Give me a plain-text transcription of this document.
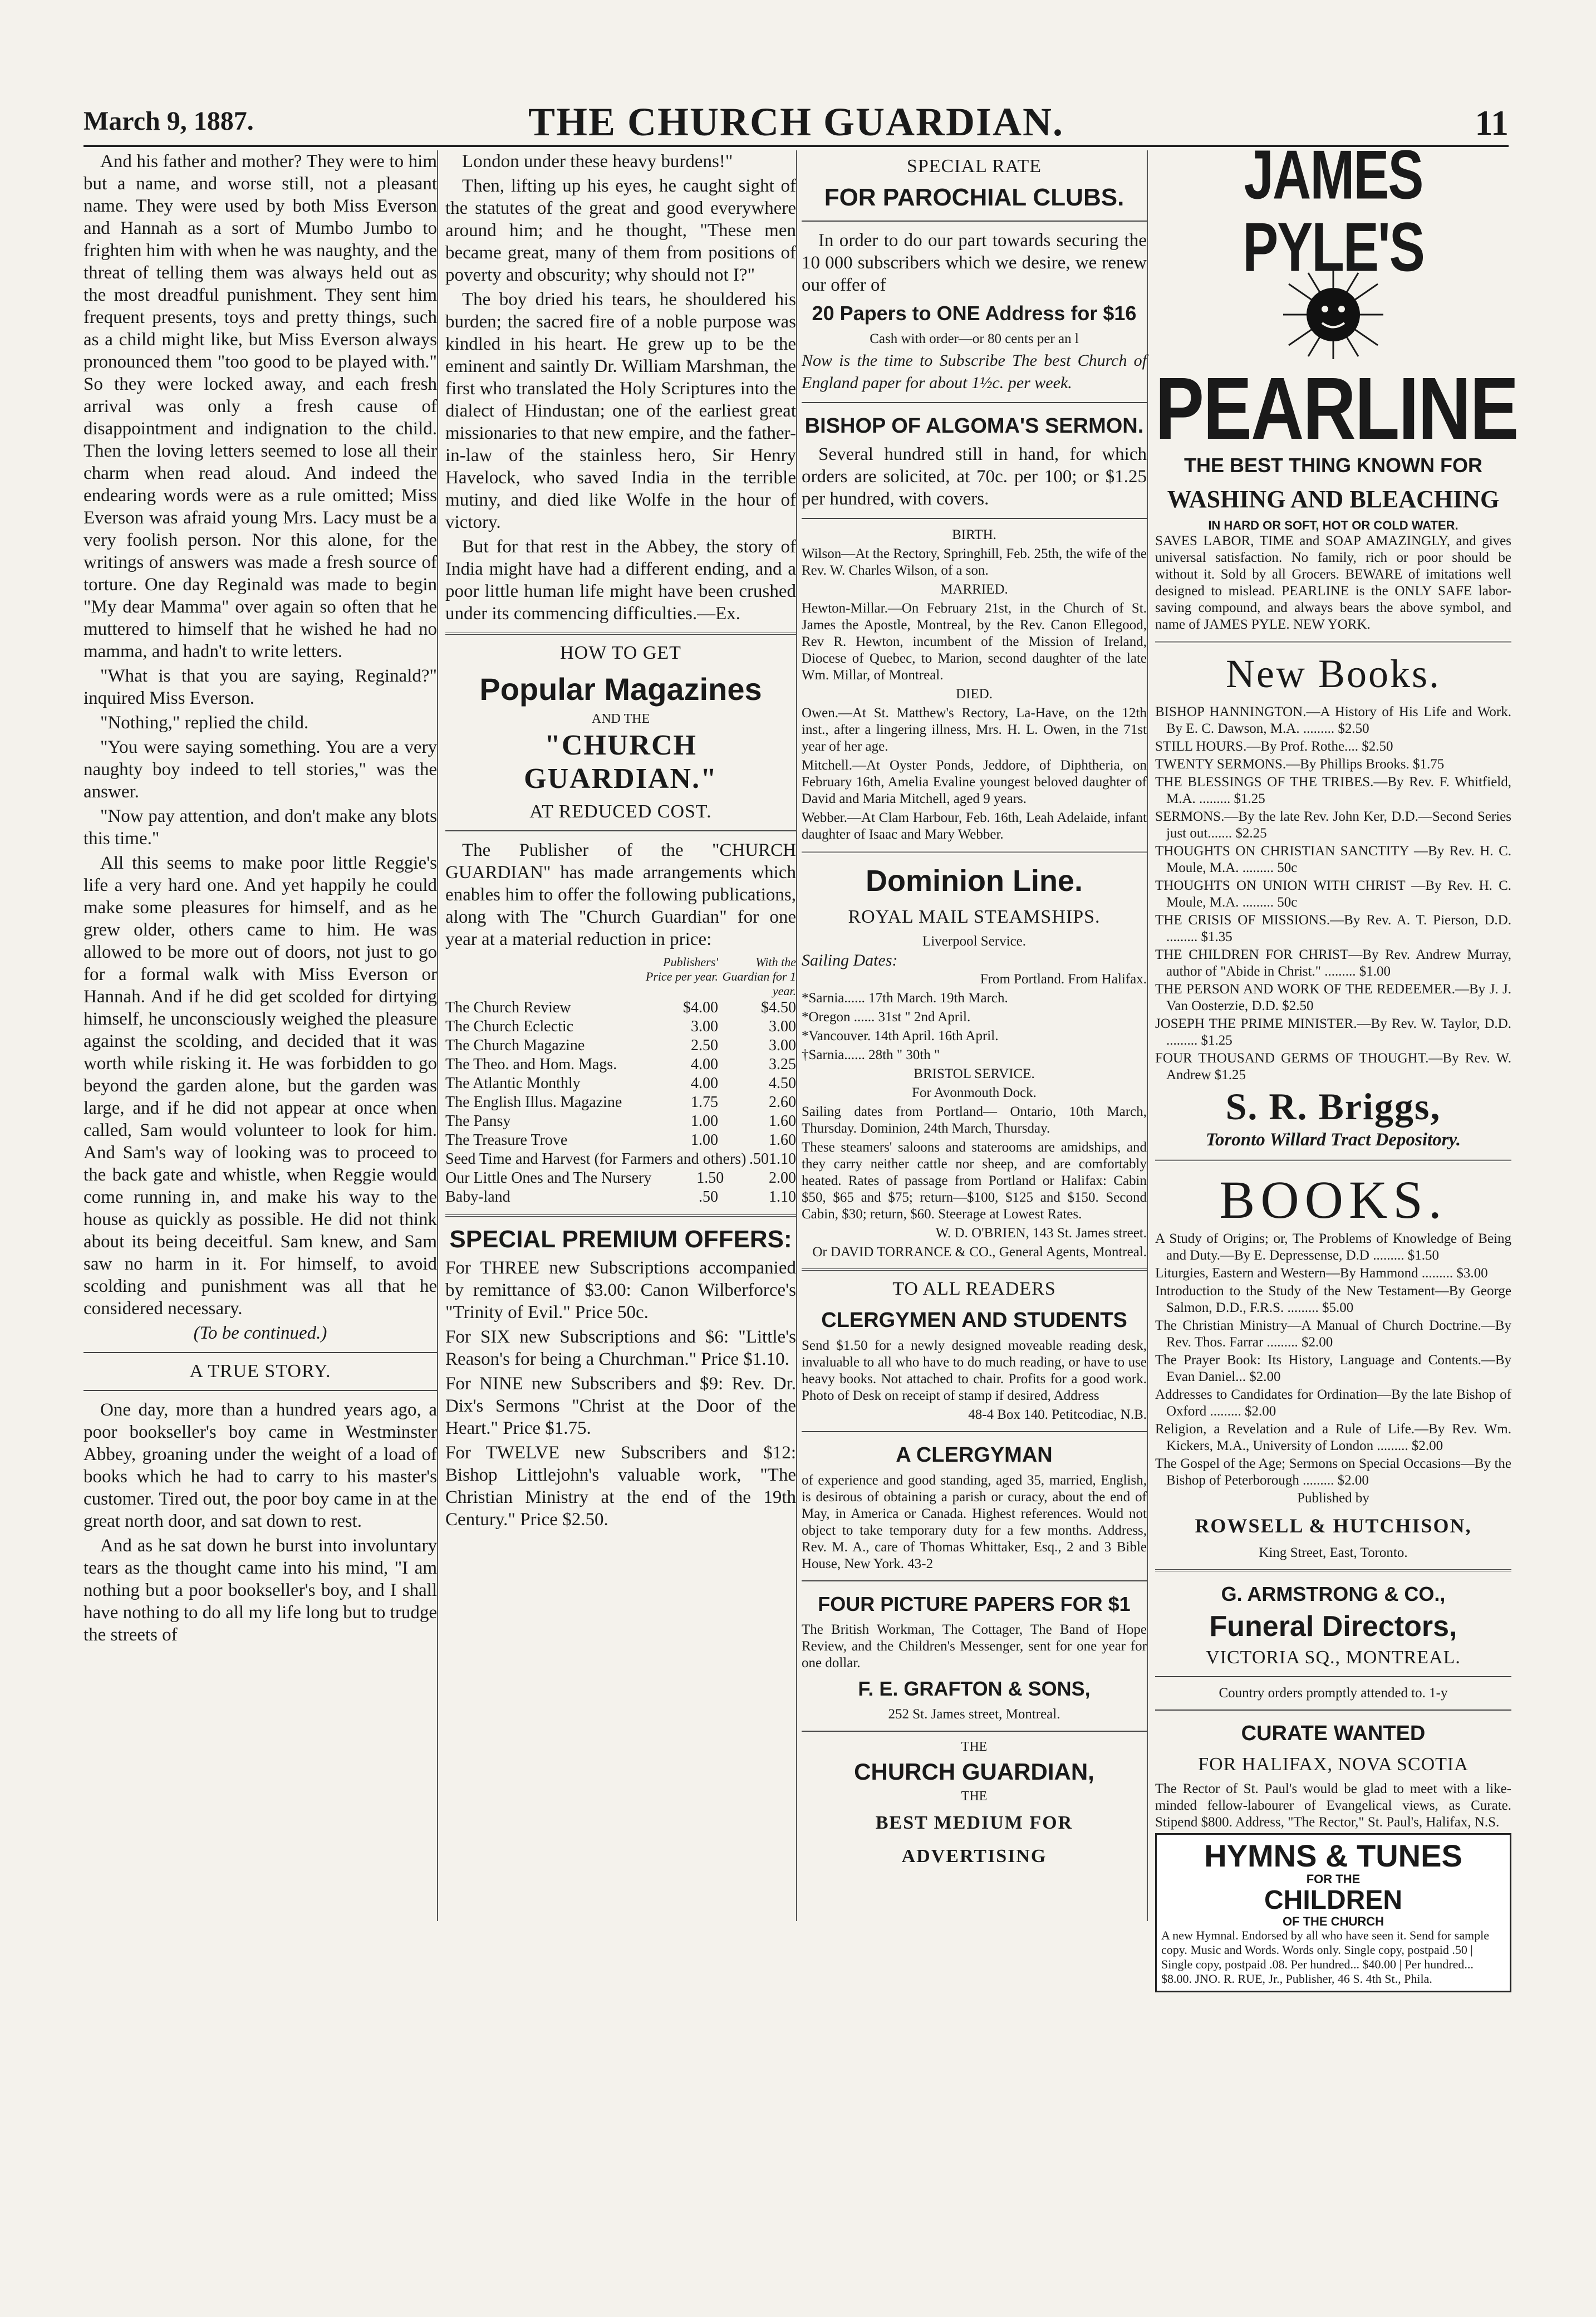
March 9, 1887.	THE CHURCH GUARDIAN.	11

And his father and mother? They were to him but a name, and worse still, not a pleasant name. They were used by both Miss Everson and Hannah as a sort of Mumbo Jumbo to frighten him with when he was naughty, and the threat of telling them was always held out as the most dreadful punishment. They sent him frequent presents, toys and pretty things, such as a child might like, but Miss Everson always pronounced them "too good to be played with." So they were locked away, and each fresh arrival was only a fresh cause of disappointment and indignation to the child. Then the loving letters seemed to lose all their charm when read aloud. And indeed the endearing words were as a rule omitted; Miss Everson was afraid young Mrs. Lacy must be a very foolish person. Nor this alone, for the writings of answers was made a fresh source of torture. One day Reginald was made to begin "My dear Mamma" over again so often that he muttered to himself that he wished he had no mamma, and hadn't to write letters.

"What is that you are saying, Reginald?" inquired Miss Everson.

"Nothing," replied the child.

"You were saying something. You are a very naughty boy indeed to tell stories," was the answer.

"Now pay attention, and don't make any blots this time."

All this seems to make poor little Reggie's life a very hard one. And yet happily he could make some pleasures for himself, and as he grew older, others came to him. He was allowed to be more out of doors, not just to go for a formal walk with Miss Everson or Hannah. And if he did get scolded for dirtying himself, he unconsciously weighed the pleasure against the scolding, and decided that it was worth while risking it. He was forbidden to go beyond the garden alone, but the garden was large, and if he did not appear at once when called, Sam would volunteer to look for him. And Sam's way of looking was to proceed to the back gate and whistle, when Reggie would come running in, and make his way to the house as quickly as possible. He did not think about its being deceitful. Sam knew, and Sam saw no harm in it. For himself, to avoid scolding and punishment was all that he considered necessary.

(To be continued.)

A TRUE STORY.

One day, more than a hundred years ago, a poor bookseller's boy came in Westminster Abbey, groaning under the weight of a load of books which he had to carry to his master's customer. Tired out, the poor boy came in at the great north door, and sat down to rest.

And as he sat down he burst into involuntary tears as the thought came into his mind, "I am nothing but a poor bookseller's boy, and I shall have nothing to do all my life long but to trudge the streets of

London under these heavy burdens!"

Then, lifting up his eyes, he caught sight of the statutes of the great and good everywhere around him; and he thought, "These men became great, many of them from positions of poverty and obscurity; why should not I?"

The boy dried his tears, he shouldered his burden; the sacred fire of a noble purpose was kindled in his heart. He grew up to be the eminent and saintly Dr. William Marshman, the first who translated the Holy Scriptures into the dialect of Hindustan; one of the earliest great missionaries to that new empire, and the father-in-law of the stainless hero, Sir Henry Havelock, who saved India in the terrible mutiny, and died like Wolfe in the hour of victory.

But for that rest in the Abbey, the story of India might have had a different ending, and a poor little human life might have been crushed under its commencing difficulties.—Ex.

HOW TO GET
Popular Magazines
AND THE
"CHURCH GUARDIAN."
AT REDUCED COST.

The Publisher of the "CHURCH GUARDIAN" has made arrangements which enables him to offer the following publications, along with The "Church Guardian" for one year at a material reduction in price:

Publishers' Price per year.
With the Guardian for 1 year.
The Church Review	$4.00	$4.50
The Church Eclectic	3.00	3.00
The Church Magazine	2.50	3.00
The Theo. and Hom. Mags.	4.00	3.25
The Atlantic Monthly	4.00	4.50
The English Illus. Magazine	1.75	2.60
The Pansy	1.00	1.60
The Treasure Trove	1.00	1.60
Seed Time and Harvest (for Farmers and others) .50 1.10
Our Little Ones and The Nursery	1.50	2.00
Baby-land	.50	1.10
SPECIAL PREMIUM OFFERS:

For THREE new Subscriptions accompanied by remittance of $3.00: Canon Wilberforce's "Trinity of Evil." Price 50c.

For SIX new Subscriptions and $6: "Little's Reason's for being a Churchman." Price $1.10.

For NINE new Subscribers and $9: Rev. Dr. Dix's Sermons "Christ at the Door of the Heart." Price $1.75.

For TWELVE new Subscribers and $12: Bishop Littlejohn's valuable work, "The Christian Ministry at the end of the 19th Century." Price $2.50.

SPECIAL RATE
FOR PAROCHIAL CLUBS.

In order to do our part towards securing the 10 000 subscribers which we desire, we renew our offer of

20 Papers to ONE Address for $16

Cash with order—or 80 cents per an l

Now is the time to Subscribe The best Church of England paper for about 1½c. per week.

BISHOP OF ALGOMA'S SERMON.

Several hundred still in hand, for which orders are solicited, at 70c. per 100; or $1.25 per hundred, with covers.

BIRTH.

Wilson—At the Rectory, Springhill, Feb. 25th, the wife of the Rev. W. Charles Wilson, of a son.

MARRIED.

Hewton-Millar.—On February 21st, in the Church of St. James the Apostle, Montreal, by the Rev. Canon Ellegood, Rev R. Hewton, incumbent of the Mission of Ireland, Diocese of Quebec, to Marion, second daughter of the late Wm. Millar, of Montreal.

DIED.

Owen.—At St. Matthew's Rectory, La-Have, on the 12th inst., after a lingering illness, Mrs. H. L. Owen, in the 71st year of her age.

Mitchell.—At Oyster Ponds, Jeddore, of Diphtheria, on February 16th, Amelia Evaline youngest beloved daughter of David and Maria Mitchell, aged 9 years.

Webber.—At Clam Harbour, Feb. 16th, Leah Adelaide, infant daughter of Isaac and Mary Webber.

Dominion Line.
ROYAL MAIL STEAMSHIPS.

Liverpool Service.

Sailing Dates:

From Portland. From Halifax.

*Sarnia...... 17th March. 19th March.

*Oregon ...... 31st " 2nd April.

*Vancouver. 14th April. 16th April.

†Sarnia...... 28th " 30th "

BRISTOL SERVICE.

For Avonmouth Dock.

Sailing dates from Portland— Ontario, 10th March, Thursday. Dominion, 24th March, Thursday.

These steamers' saloons and staterooms are amidships, and they carry neither cattle nor sheep, and are comfortably heated. Rates of passage from Portland or Halifax: Cabin $50, $65 and $75; return—$100, $125 and $150. Second Cabin, $30; return, $60. Steerage at Lowest Rates.

W. D. O'BRIEN, 143 St. James street.

Or DAVID TORRANCE & CO., General Agents, Montreal.

TO ALL READERS
CLERGYMEN AND STUDENTS

Send $1.50 for a newly designed moveable reading desk, invaluable to all who have to do much reading, or have to use heavy books. Not attached to chair. Profits for a good work. Photo of Desk on receipt of stamp if desired, Address

48-4 Box 140. Petitcodiac, N.B.

A CLERGYMAN

of experience and good standing, aged 35, married, English, is desirous of obtaining a parish or curacy, about the end of May, in America or Canada. Highest references. Would not object to take temporary duty for a few months. Address, Rev. M. A., care of Thomas Whittaker, Esq., 2 and 3 Bible House, New York. 43-2

FOUR PICTURE PAPERS FOR $1

The British Workman, The Cottager, The Band of Hope Review, and the Children's Messenger, sent for one year for one dollar.

F. E. GRAFTON & SONS,

252 St. James street, Montreal.

THE
CHURCH GUARDIAN,
THE
BEST MEDIUM FOR ADVERTISING
JAMES PYLE'S
PEARLINE
THE BEST THING KNOWN FOR
WASHING AND BLEACHING
IN HARD OR SOFT, HOT OR COLD WATER.

SAVES LABOR, TIME and SOAP AMAZINGLY, and gives universal satisfaction. No family, rich or poor should be without it. Sold by all Grocers. BEWARE of imitations well designed to mislead. PEARLINE is the ONLY SAFE labor-saving compound, and always bears the above symbol, and name of JAMES PYLE. NEW YORK.

New Books.

BISHOP HANNINGTON.—A History of His Life and Work. By E. C. Dawson, M.A. ......... $2.50

STILL HOURS.—By Prof. Rothe.... $2.50

TWENTY SERMONS.—By Phillips Brooks. $1.75

THE BLESSINGS OF THE TRIBES.—By Rev. F. Whitfield, M.A. ......... $1.25

SERMONS.—By the late Rev. John Ker, D.D.—Second Series just out....... $2.25

THOUGHTS ON CHRISTIAN SANCTITY —By Rev. H. C. Moule, M.A. ......... 50c

THOUGHTS ON UNION WITH CHRIST —By Rev. H. C. Moule, M.A. ......... 50c

THE CRISIS OF MISSIONS.—By Rev. A. T. Pierson, D.D. ......... $1.35

THE CHILDREN FOR CHRIST—By Rev. Andrew Murray, author of "Abide in Christ." ......... $1.00

THE PERSON AND WORK OF THE REDEEMER.—By J. J. Van Oosterzie, D.D. $2.50

JOSEPH THE PRIME MINISTER.—By Rev. W. Taylor, D.D. ......... $1.25

FOUR THOUSAND GERMS OF THOUGHT.—By Rev. W. Andrew $1.25

S. R. Briggs,

Toronto Willard Tract Depository.

BOOKS.

A Study of Origins; or, The Problems of Knowledge of Being and Duty.—By E. Depressense, D.D ......... $1.50

Liturgies, Eastern and Western—By Hammond ......... $3.00

Introduction to the Study of the New Testament—By George Salmon, D.D., F.R.S. ......... $5.00

The Christian Ministry—A Manual of Church Doctrine.—By Rev. Thos. Farrar ......... $2.00

The Prayer Book: Its History, Language and Contents.—By Evan Daniel... $2.00

Addresses to Candidates for Ordination—By the late Bishop of Oxford ......... $2.00

Religion, a Revelation and a Rule of Life.—By Rev. Wm. Kickers, M.A., University of London ......... $2.00

The Gospel of the Age; Sermons on Special Occasions—By the Bishop of Peterborough ......... $2.00

Published by

ROWSELL & HUTCHISON,

King Street, East, Toronto.

G. ARMSTRONG & CO.,
Funeral Directors,
VICTORIA SQ., MONTREAL.

Country orders promptly attended to. 1-y

CURATE WANTED
FOR HALIFAX, NOVA SCOTIA

The Rector of St. Paul's would be glad to meet with a like-minded fellow-labourer of Evangelical views, as Curate. Stipend $800. Address, "The Rector," St. Paul's, Halifax, N.S.

HYMNS & TUNES
FOR THE
CHILDREN
OF THE CHURCH
A new Hymnal. Endorsed by all who have seen it. Send for sample copy. Music and Words. Words only. Single copy, postpaid .50 | Single copy, postpaid .08. Per hundred... $40.00 | Per hundred... $8.00. JNO. R. RUE, Jr., Publisher, 46 S. 4th St., Phila.
